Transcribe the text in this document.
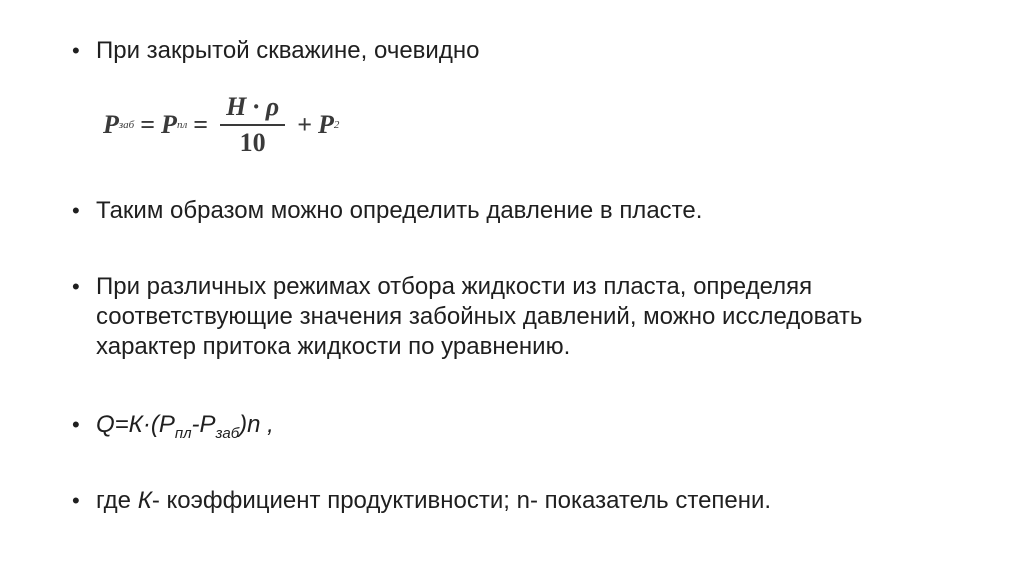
• При закрытой скважине, очевидно
P заб = P пл = $\frac{H \cdot \rho}{10} + P$ 2
• Таким образом можно определить давление в пласте.
• При различных режимах отбора жидкости из пласта, определяя соответствующие значения забойных давлений, можно исследовать характер притока жидкости по уравнению.
• $Q=К\cdot(P_{пл}-P_{заб})n$ ,
• где К- коэффициент продуктивности; n- показатель степени.
